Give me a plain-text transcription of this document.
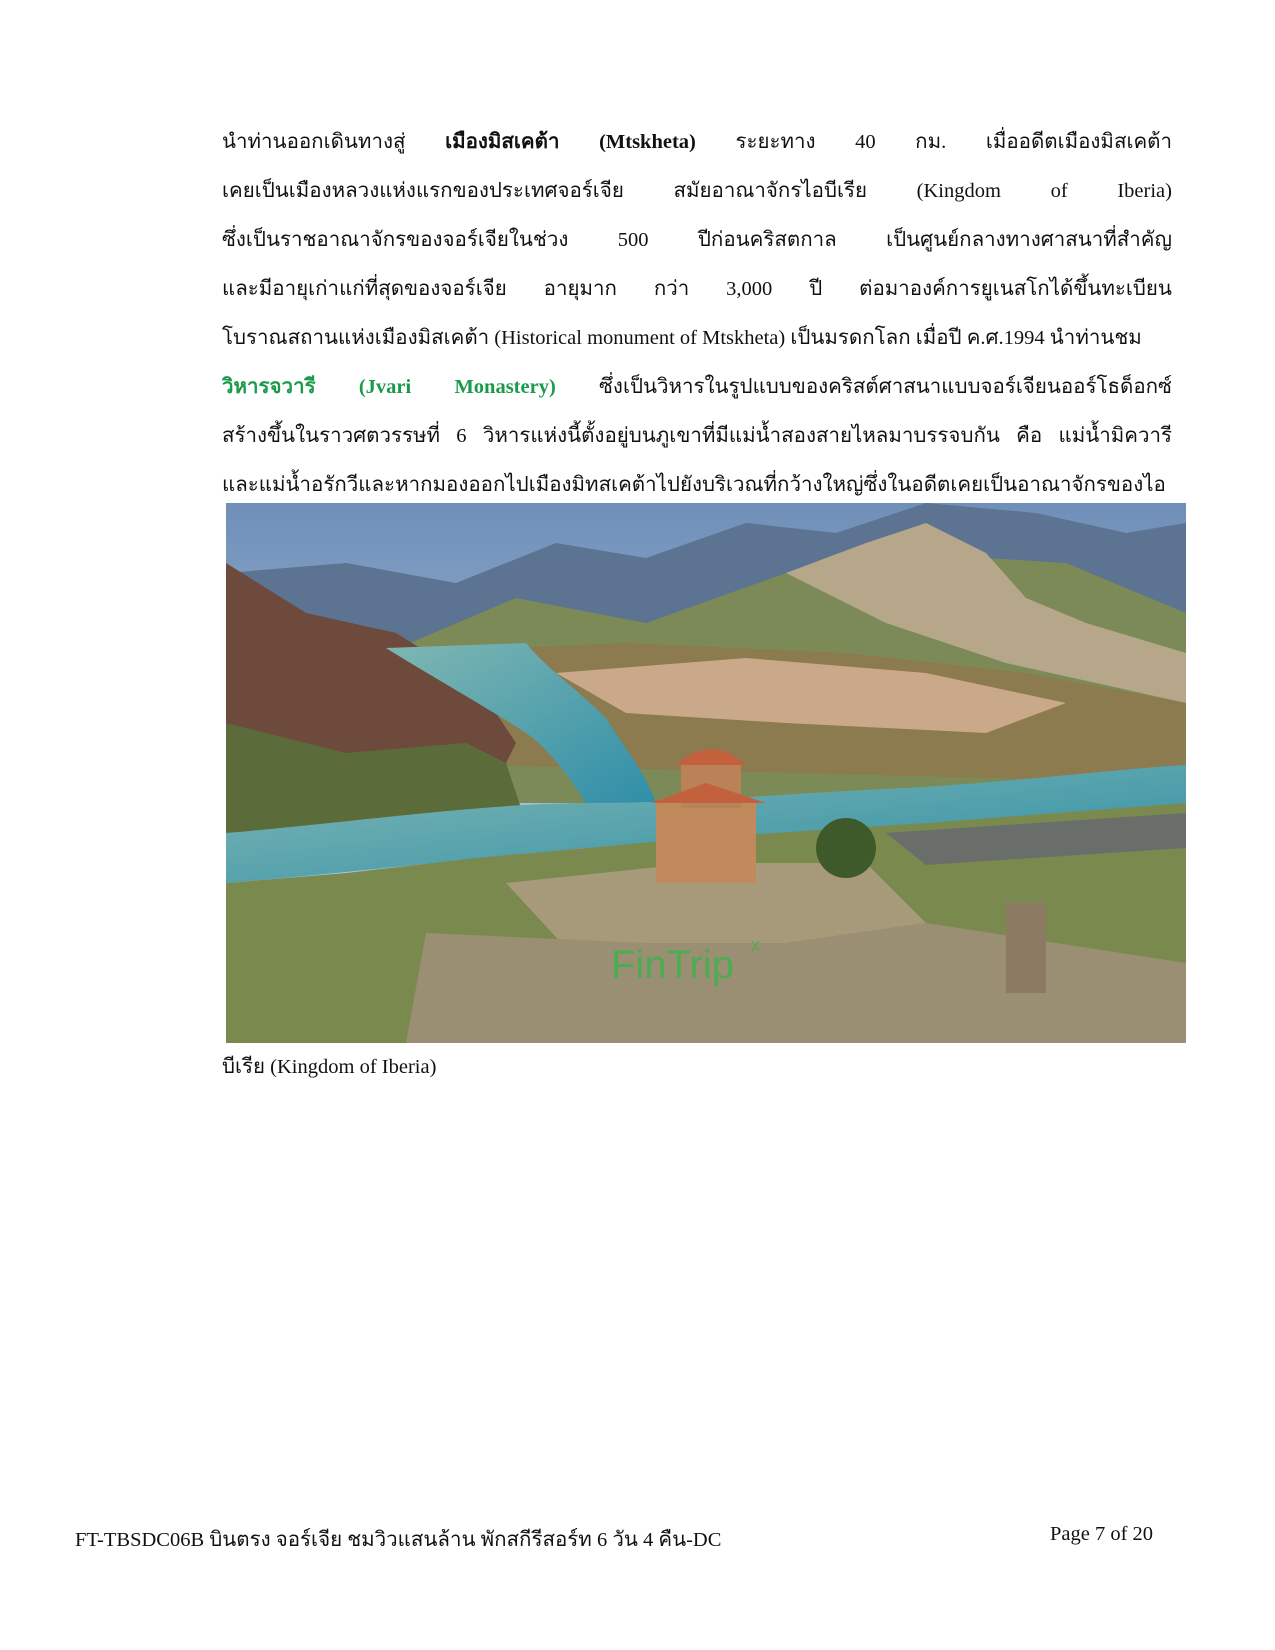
นำท่านออกเดินทางสู่ เมืองมิสเคต้า (Mtskheta) ระยะทาง 40 กม. เมื่ออดีตเมืองมิสเคต้า
เคยเป็นเมืองหลวงแห่งแรกของประเทศจอร์เจีย สมัยอาณาจักรไอบีเรีย (Kingdom of Iberia)
ซึ่งเป็นราชอาณาจักรของจอร์เจียในช่วง 500 ปีก่อนคริสตกาล เป็นศูนย์กลางทางศาสนาที่สำคัญ
และมีอายุเก่าแก่ที่สุดของจอร์เจีย อายุมาก กว่า 3,000 ปี ต่อมาองค์การยูเนสโกได้ขึ้นทะเบียน
โบราณสถานแห่งเมืองมิสเคต้า (Historical monument of Mtskheta) เป็นมรดกโลก เมื่อปี ค.ศ.1994 นำท่านชม
วิหารจวารี (Jvari Monastery) ซึ่งเป็นวิหารในรูปแบบของคริสต์ศาสนาแบบจอร์เจียนออร์โธด็อกซ์
สร้างขึ้นในราวศตวรรษที่ 6 วิหารแห่งนี้ตั้งอยู่บนภูเขาที่มีแม่น้ำสองสายไหลมาบรรจบกัน คือ แม่น้ำมิควารี
และแม่น้ำอรักวีและหากมองออกไปเมืองมิทสเคต้าไปยังบริเวณที่กว้างใหญ่ซึ่งในอดีตเคยเป็นอาณาจักรของไอ
FinTrip x
บีเรีย (Kingdom of Iberia)
FT-TBSDC06B บินตรง จอร์เจีย ชมวิวแสนล้าน พักสกีรีสอร์ท 6 วัน 4 คืน-DC	Page 7 of 20
